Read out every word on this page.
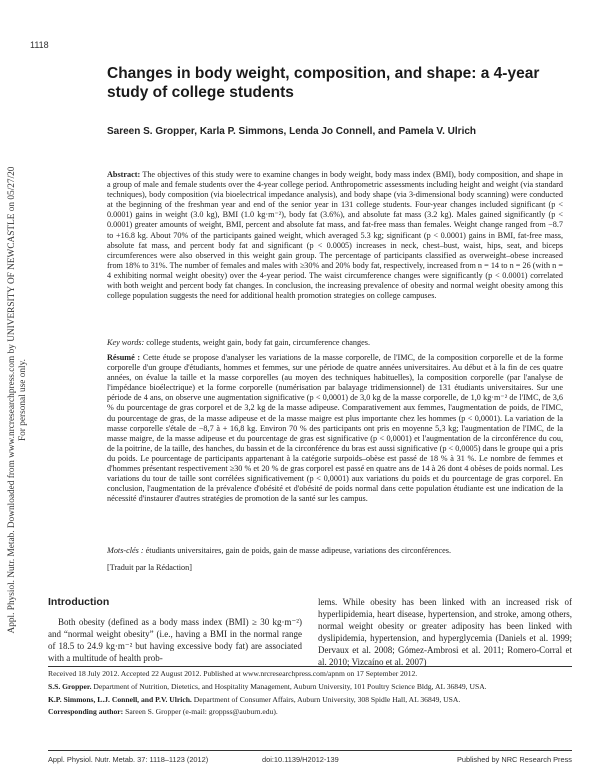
Appl. Physiol. Nutr. Metab. Downloaded from www.nrcresearchpress.com by UNIVERSITY OF NEWCASTLE on 05/27/20 For personal use only.
1118
Changes in body weight, composition, and shape: a 4-year study of college students
Sareen S. Gropper, Karla P. Simmons, Lenda Jo Connell, and Pamela V. Ulrich
Abstract: The objectives of this study were to examine changes in body weight, body mass index (BMI), body composition, and shape in a group of male and female students over the 4-year college period. Anthropometric assessments including height and weight (via standard techniques), body composition (via bioelectrical impedance analysis), and body shape (via 3-dimensional body scanning) were conducted at the beginning of the freshman year and end of the senior year in 131 college students. Four-year changes included significant (p < 0.0001) gains in weight (3.0 kg), BMI (1.0 kg·m⁻²), body fat (3.6%), and absolute fat mass (3.2 kg). Males gained significantly (p < 0.0001) greater amounts of weight, BMI, percent and absolute fat mass, and fat-free mass than females. Weight change ranged from −8.7 to +16.8 kg. About 70% of the participants gained weight, which averaged 5.3 kg; significant (p < 0.0001) gains in BMI, fat-free mass, absolute fat mass, and percent body fat and significant (p < 0.0005) increases in neck, chest–bust, waist, hips, seat, and biceps circumferences were also observed in this weight gain group. The percentage of participants classified as overweight–obese increased from 18% to 31%. The number of females and males with ≥30% and 20% body fat, respectively, increased from n = 14 to n = 26 (with n = 4 exhibiting normal weight obesity) over the 4-year period. The waist circumference changes were significantly (p < 0.0001) correlated with both weight and percent body fat changes. In conclusion, the increasing prevalence of obesity and normal weight obesity among this college population suggests the need for additional health promotion strategies on college campuses.
Key words: college students, weight gain, body fat gain, circumference changes.
Résumé : Cette étude se propose d'analyser les variations de la masse corporelle, de l'IMC, de la composition corporelle et de la forme corporelle d'un groupe d'étudiants, hommes et femmes, sur une période de quatre années universitaires. Au début et à la fin de ces quatre années, on évalue la taille et la masse corporelles (au moyen des techniques habituelles), la composition corporelle (par l'analyse de l'impédance bioélectrique) et la forme corporelle (numérisation par balayage tridimensionnel) de 131 étudiants universitaires. Sur une période de 4 ans, on observe une augmentation significative (p < 0,0001) de 3,0 kg de la masse corporelle, de 1,0 kg·m⁻² de l'IMC, de 3,6 % du pourcentage de gras corporel et de 3,2 kg de la masse adipeuse. Comparativement aux femmes, l'augmentation de poids, de l'IMC, du pourcentage de gras, de la masse adipeuse et de la masse maigre est plus importante chez les hommes (p < 0,0001). La variation de la masse corporelle s'étale de −8,7 à + 16,8 kg. Environ 70 % des participants ont pris en moyenne 5,3 kg; l'augmentation de l'IMC, de la masse maigre, de la masse adipeuse et du pourcentage de gras est significative (p < 0,0001) et l'augmentation de la circonférence du cou, de la poitrine, de la taille, des hanches, du bassin et de la circonférence du bras est aussi significative (p < 0,0005) dans le groupe qui a pris du poids. Le pourcentage de participants appartenant à la catégorie surpoids–obèse est passé de 18 % à 31 %. Le nombre de femmes et d'hommes présentant respectivement ≥30 % et 20 % de gras corporel est passé en quatre ans de 14 à 26 dont 4 obèses de poids normal. Les variations du tour de taille sont corrélées significativement (p < 0,0001) aux variations du poids et du pourcentage de gras corporel. En conclusion, l'augmentation de la prévalence d'obésité et d'obésité de poids normal dans cette population étudiante est une indication de la nécessité d'instaurer d'autres stratégies de promotion de la santé sur les campus.
Mots-clés : étudiants universitaires, gain de poids, gain de masse adipeuse, variations des circonférences.
[Traduit par la Rédaction]
Introduction
Both obesity (defined as a body mass index (BMI) ≥ 30 kg·m⁻²) and “normal weight obesity” (i.e., having a BMI in the normal range of 18.5 to 24.9 kg·m⁻² but having excessive body fat) are associated with a multitude of health prob-
lems. While obesity has been linked with an increased risk of hyperlipidemia, heart disease, hypertension, and stroke, among others, normal weight obesity or greater adiposity has been linked with dyslipidemia, hypertension, and hyperglycemia (Daniels et al. 1999; Dervaux et al. 2008; Gómez-Ambrosi et al. 2011; Romero-Corral et al. 2010; Vizcaíno et al. 2007)

Received 18 July 2012. Accepted 22 August 2012. Published at www.nrcresearchpress.com/apnm on 17 September 2012.

S.S. Gropper. Department of Nutrition, Dietetics, and Hospitality Management, Auburn University, 101 Poultry Science Bldg, AL 36849, USA.

K.P. Simmons, L.J. Connell, and P.V. Ulrich. Department of Consumer Affairs, Auburn University, 308 Spidle Hall, AL 36849, USA.

Corresponding author: Sareen S. Gropper (e-mail: groppss@auburn.edu).

Appl. Physiol. Nutr. Metab. 37: 1118–1123 (2012)	doi:10.1139/H2012-139	Published by NRC Research Press
